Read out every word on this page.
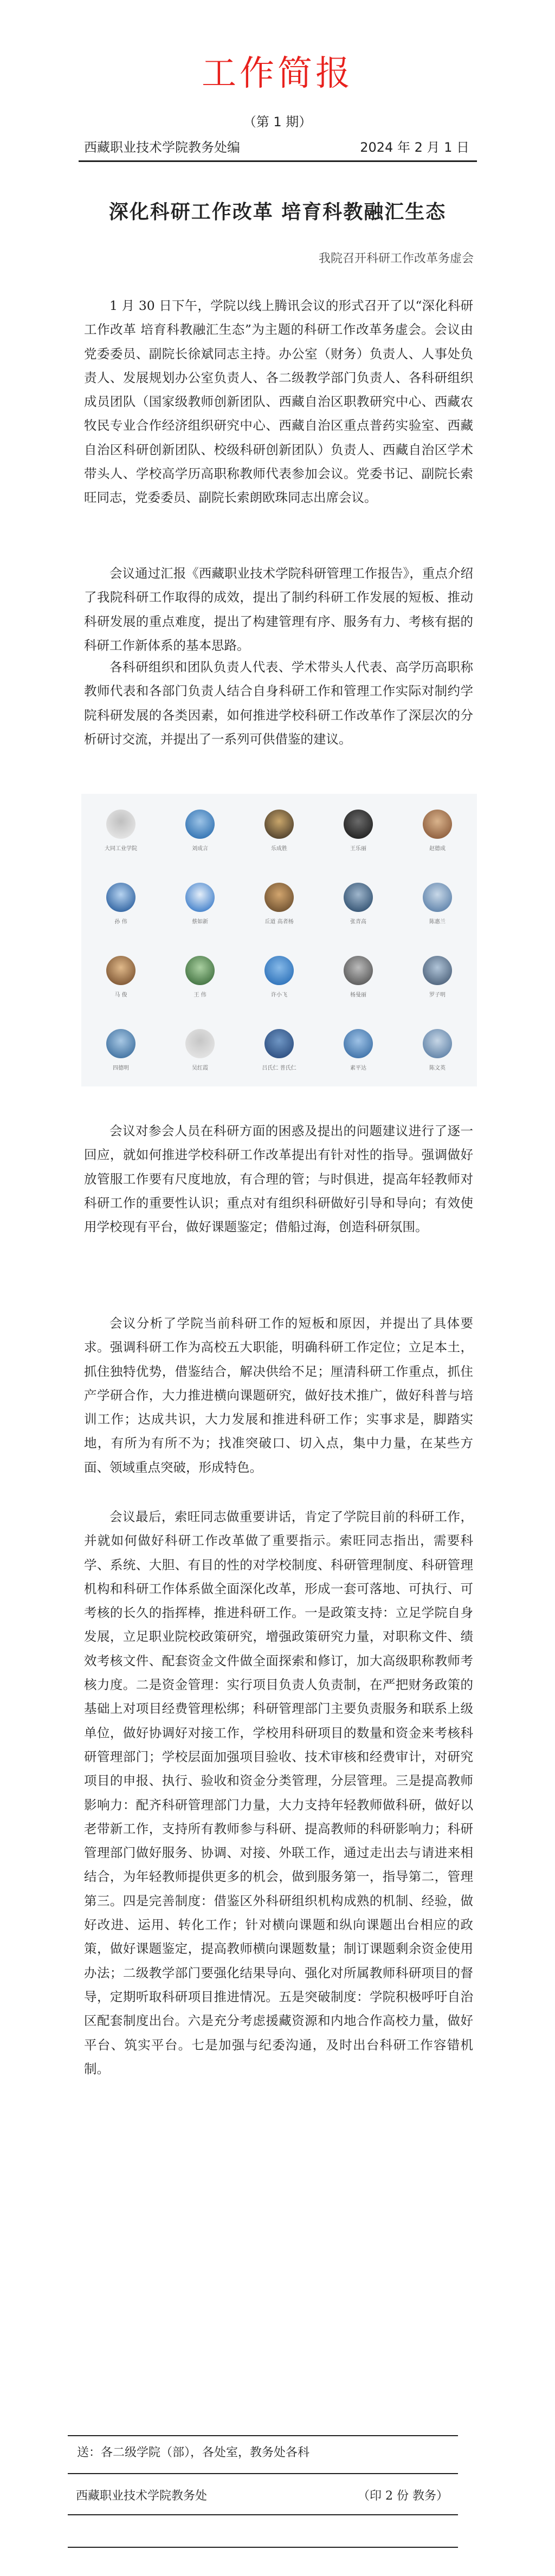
工作简报
（第 1 期）
西藏职业技术学院教务处编	2024 年 2 月 1 日
深化科研工作改革 培育科教融汇生态
我院召开科研工作改革务虚会

1 月 30 日下午，学院以线上腾讯会议的形式召开了以“深化科研工作改革 培育科教融汇生态”为主题的科研工作改革务虚会。会议由党委委员、副院长徐斌同志主持。办公室（财务）负责人、人事处负责人、发展规划办公室负责人、各二级教学部门负责人、各科研组织成员团队（国家级教师创新团队、西藏自治区职教研究中心、西藏农牧民专业合作经济组织研究中心、西藏自治区重点普药实验室、西藏自治区科研创新团队、校级科研创新团队）负责人、西藏自治区学术带头人、学校高学历高职称教师代表参加会议。党委书记、副院长索旺同志，党委委员、副院长索朗欧珠同志出席会议。

会议通过汇报《西藏职业技术学院科研管理工作报告》，重点介绍了我院科研工作取得的成效，提出了制约科研工作发展的短板、推动科研发展的重点难度，提出了构建管理有序、服务有力、考核有据的科研工作新体系的基本思路。

各科研组织和团队负责人代表、学术带头人代表、高学历高职称教师代表和各部门负责人结合自身科研工作和管理工作实际对制约学院科研发展的各类因素，如何推进学校科研工作改革作了深层次的分析研讨交流，并提出了一系列可供借鉴的建议。

大同工业学院	刘成言	乐成胜	王乐丽	赵德成
孙 伟	蔡如新	丘道 高者杨	张青高	陈惠兰
马 俊	王 伟	许小飞	杨曼丽	罗子明
四德明	吴红霞	吕氏仁 普氏仁	素平达	陈文英

会议对参会人员在科研方面的困惑及提出的问题建议进行了逐一回应，就如何推进学校科研工作改革提出有针对性的指导。强调做好放管服工作要有尺度地放，有合理的管；与时俱进，提高年轻教师对科研工作的重要性认识；重点对有组织科研做好引导和导向；有效使用学校现有平台，做好课题鉴定；借船过海，创造科研氛围。

会议分析了学院当前科研工作的短板和原因，并提出了具体要求。强调科研工作为高校五大职能，明确科研工作定位；立足本土，抓住独特优势，借鉴结合，解决供给不足；厘清科研工作重点，抓住产学研合作，大力推进横向课题研究，做好技术推广，做好科普与培训工作；达成共识，大力发展和推进科研工作；实事求是，脚踏实地，有所为有所不为；找准突破口、切入点，集中力量，在某些方面、领域重点突破，形成特色。

会议最后，索旺同志做重要讲话，肯定了学院目前的科研工作，并就如何做好科研工作改革做了重要指示。索旺同志指出，需要科学、系统、大胆、有目的性的对学校制度、科研管理制度、科研管理机构和科研工作体系做全面深化改革，形成一套可落地、可执行、可考核的长久的指挥棒，推进科研工作。一是政策支持：立足学院自身发展，立足职业院校政策研究，增强政策研究力量，对职称文件、绩效考核文件、配套资金文件做全面探索和修订，加大高级职称教师考核力度。二是资金管理：实行项目负责人负责制，在严把财务政策的基础上对项目经费管理松绑；科研管理部门主要负责服务和联系上级单位，做好协调好对接工作，学校用科研项目的数量和资金来考核科研管理部门；学校层面加强项目验收、技术审核和经费审计，对研究项目的申报、执行、验收和资金分类管理，分层管理。三是提高教师影响力：配齐科研管理部门力量，大力支持年轻教师做科研，做好以老带新工作，支持所有教师参与科研、提高教师的科研影响力；科研管理部门做好服务、协调、对接、外联工作，通过走出去与请进来相结合，为年轻教师提供更多的机会，做到服务第一，指导第二，管理第三。四是完善制度：借鉴区外科研组织机构成熟的机制、经验，做好改进、运用、转化工作；针对横向课题和纵向课题出台相应的政策，做好课题鉴定，提高教师横向课题数量；制订课题剩余资金使用办法；二级教学部门要强化结果导向、强化对所属教师科研项目的督导，定期听取科研项目推进情况。五是突破制度：学院积极呼吁自治区配套制度出台。六是充分考虑援藏资源和内地合作高校力量，做好平台、筑实平台。七是加强与纪委沟通，及时出台科研工作容错机制。

送：各二级学院（部），各处室，教务处各科
西藏职业技术学院教务处	（印 2 份 教务）
